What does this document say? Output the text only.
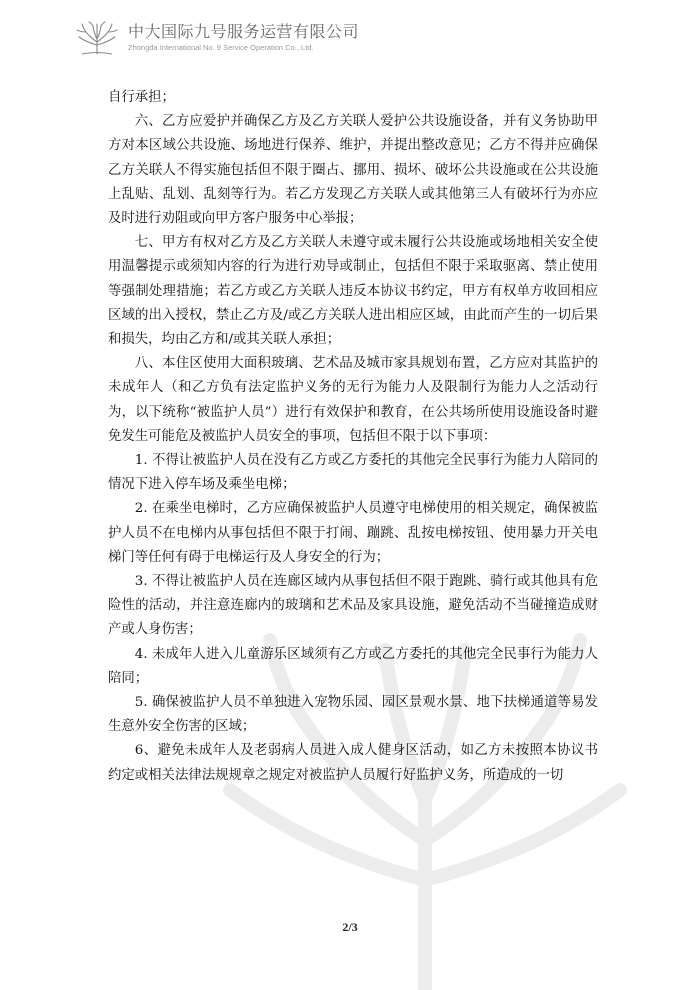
中大国际九号服务运营有限公司
Zhongda International No. 9 Service Operation Co., Ltd.

自行承担；

六、乙方应爱护并确保乙方及乙方关联人爱护公共设施设备，并有义务协助甲方对本区域公共设施、场地进行保养、维护，并提出整改意见；乙方不得并应确保乙方关联人不得实施包括但不限于圈占、挪用、损坏、破坏公共设施或在公共设施上乱贴、乱划、乱刻等行为。若乙方发现乙方关联人或其他第三人有破坏行为亦应及时进行劝阻或向甲方客户服务中心举报；

七、甲方有权对乙方及乙方关联人未遵守或未履行公共设施或场地相关安全使用温馨提示或须知内容的行为进行劝导或制止，包括但不限于采取驱离、禁止使用等强制处理措施；若乙方或乙方关联人违反本协议书约定，甲方有权单方收回相应区域的出入授权，禁止乙方及/或乙方关联人进出相应区域，由此而产生的一切后果和损失，均由乙方和/或其关联人承担；

八、本住区使用大面积玻璃、艺术品及城市家具规划布置，乙方应对其监护的未成年人（和乙方负有法定监护义务的无行为能力人及限制行为能力人之活动行为，以下统称“被监护人员”）进行有效保护和教育，在公共场所使用设施设备时避免发生可能危及被监护人员安全的事项，包括但不限于以下事项：

1. 不得让被监护人员在没有乙方或乙方委托的其他完全民事行为能力人陪同的情况下进入停车场及乘坐电梯；

2. 在乘坐电梯时，乙方应确保被监护人员遵守电梯使用的相关规定，确保被监护人员不在电梯内从事包括但不限于打闹、蹦跳、乱按电梯按钮、使用暴力开关电梯门等任何有碍于电梯运行及人身安全的行为；

3. 不得让被监护人员在连廊区域内从事包括但不限于跑跳、骑行或其他具有危险性的活动，并注意连廊内的玻璃和艺术品及家具设施，避免活动不当碰撞造成财产或人身伤害；

4. 未成年人进入儿童游乐区域须有乙方或乙方委托的其他完全民事行为能力人陪同；

5. 确保被监护人员不单独进入宠物乐园、园区景观水景、地下扶梯通道等易发生意外安全伤害的区域；

6、避免未成年人及老弱病人员进入成人健身区活动，如乙方未按照本协议书约定或相关法律法规规章之规定对被监护人员履行好监护义务，所造成的一切

2/3
